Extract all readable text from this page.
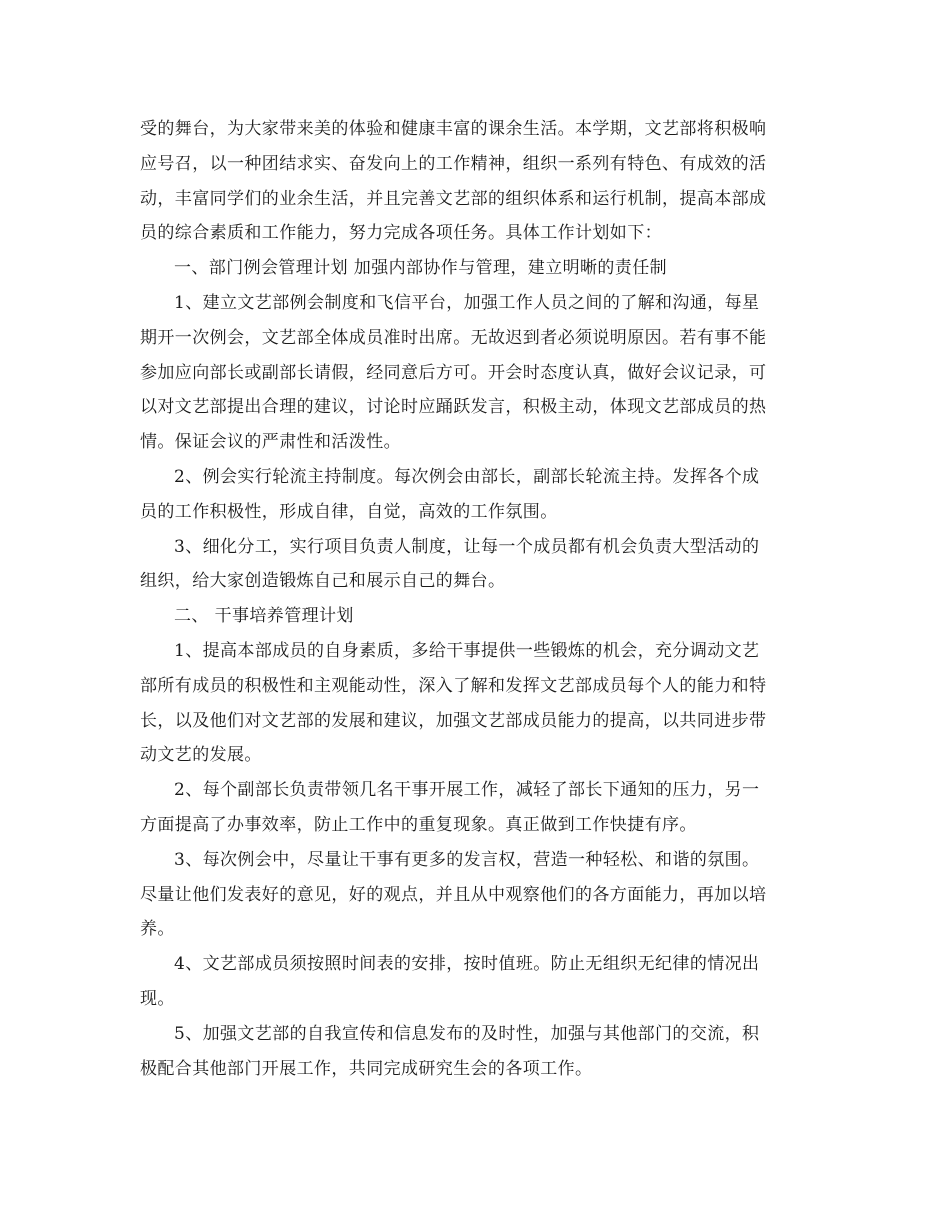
受的舞台，为大家带来美的体验和健康丰富的课余生活。本学期，文艺部将积极响
应号召，以一种团结求实、奋发向上的工作精神，组织一系列有特色、有成效的活
动，丰富同学们的业余生活，并且完善文艺部的组织体系和运行机制，提高本部成
员的综合素质和工作能力，努力完成各项任务。具体工作计划如下：
一、部门例会管理计划 加强内部协作与管理，建立明晰的责任制
1、建立文艺部例会制度和飞信平台，加强工作人员之间的了解和沟通，每星
期开一次例会，文艺部全体成员准时出席。无故迟到者必须说明原因。若有事不能
参加应向部长或副部长请假，经同意后方可。开会时态度认真，做好会议记录，可
以对文艺部提出合理的建议，讨论时应踊跃发言，积极主动，体现文艺部成员的热
情。保证会议的严肃性和活泼性。
2、例会实行轮流主持制度。每次例会由部长，副部长轮流主持。发挥各个成
员的工作积极性，形成自律，自觉，高效的工作氛围。
3、细化分工，实行项目负责人制度，让每一个成员都有机会负责大型活动的
组织，给大家创造锻炼自己和展示自己的舞台。
二、 干事培养管理计划
1、提高本部成员的自身素质，多给干事提供一些锻炼的机会，充分调动文艺
部所有成员的积极性和主观能动性，深入了解和发挥文艺部成员每个人的能力和特
长，以及他们对文艺部的发展和建议，加强文艺部成员能力的提高，以共同进步带
动文艺的发展。
2、每个副部长负责带领几名干事开展工作，减轻了部长下通知的压力，另一
方面提高了办事效率，防止工作中的重复现象。真正做到工作快捷有序。
3、每次例会中，尽量让干事有更多的发言权，营造一种轻松、和谐的氛围。
尽量让他们发表好的意见，好的观点，并且从中观察他们的各方面能力，再加以培
养。
4、文艺部成员须按照时间表的安排，按时值班。防止无组织无纪律的情况出
现。
5、加强文艺部的自我宣传和信息发布的及时性，加强与其他部门的交流，积
极配合其他部门开展工作，共同完成研究生会的各项工作。
